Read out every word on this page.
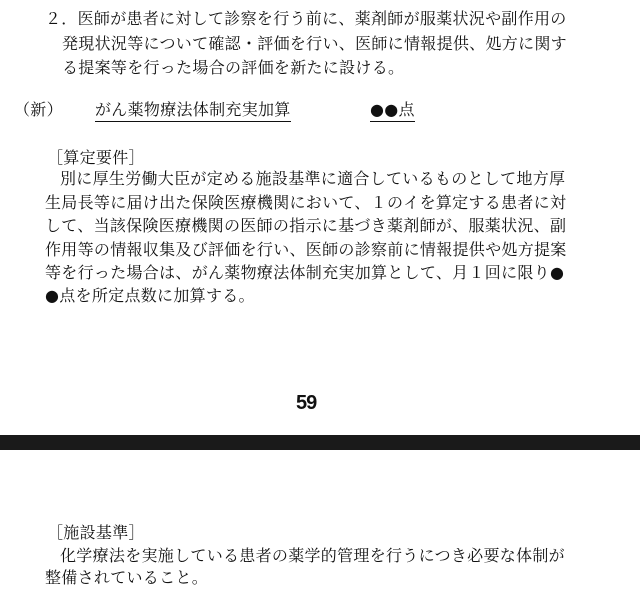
２．医師が患者に対して診察を行う前に、薬剤師が服薬状況や副作用の
発現状況等について確認・評価を行い、医師に情報提供、処方に関す
る提案等を行った場合の評価を新たに設ける。
（新） がん薬物療法体制充実加算	●●点
［算定要件］
別に厚生労働大臣が定める施設基準に適合しているものとして地方厚
生局長等に届け出た保険医療機関において、１のイを算定する患者に対
して、当該保険医療機関の医師の指示に基づき薬剤師が、服薬状況、副
作用等の情報収集及び評価を行い、医師の診察前に情報提供や処方提案
等を行った場合は、がん薬物療法体制充実加算として、月１回に限り●
●点を所定点数に加算する。
59
［施設基準］
化学療法を実施している患者の薬学的管理を行うにつき必要な体制が
整備されていること。
